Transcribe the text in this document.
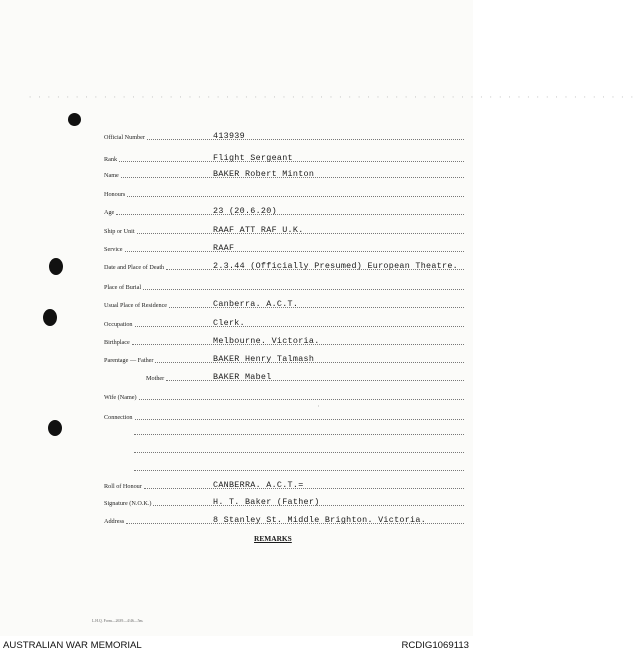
· · · · · · · · · · · · · · · · · · · · · · · · · · · · · · · · · · · · · · · · · · · · · · · · · · · · · · · · · · · · · · · · ·
Official Number	413939
Rank	Flight Sergeant
Name	BAKER Robert Minton
Honours
Age	23 (20.6.20)
Ship or Unit	RAAF ATT RAF U.K.
Service	RAAF
Date and Place of Death	2.3.44 (Officially Presumed) European Theatre.
Place of Burial
Usual Place of Residence	Canberra. A.C.T.
Occupation	Clerk.
Birthplace	Melbourne. Victoria.
Parentage — Father	BAKER Henry Talmash
Mother	BAKER Mabel
Wife (Name)
Connection
'
Roll of Honour	CANBERRA. A.C.T.=
Signature (N.O.K.)	H. T. Baker (Father)
Address	8 Stanley St. Middle Brighton. Victoria.
REMARKS
L.H.Q. Form—2639—4/46—5m.
AUSTRALIAN WAR MEMORIAL	RCDIG1069113
